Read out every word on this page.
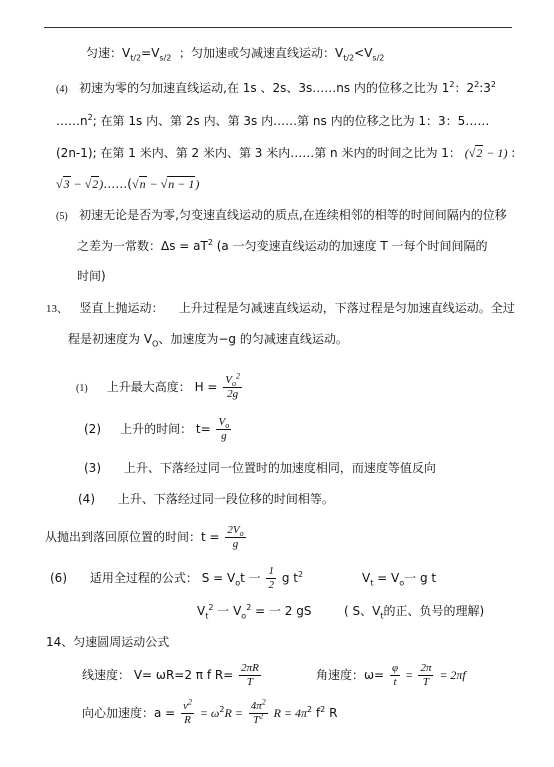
匀速：$V_{t/2}=V_{s/2}$ ；匀加速或匀减速直线运动：$V_{t/2}<V_{s/2}$
(4) 初速为零的匀加速直线运动,在 1s 、2s、3s……ns 内的位移之比为 $1^2$：$2^2:3^2$
$\dots\dots n^2$; 在第 1s 内、第 2s 内、第 3s 内……第 ns 内的位移之比为 1：3：5……
(2n-1); 在第 1 米内、第 2 米内、第 3 米内……第 n 米内的时间之比为 1： (√2 − 1) :
√3 − √2)……(√n − √n − 1)
(5) 初速无论是否为零,匀变速直线运动的质点,在连续相邻的相等的时间间隔内的位移
之差为一常数：$\Delta s = aT^2$ (a 一匀变速直线运动的加速度 T 一每个时间间隔的
时间)
13、 竖直上抛运动： 上升过程是匀减速直线运动，下落过程是匀加速直线运动。全过
程是初速度为 $V_O$、加速度为−g 的匀减速直线运动。
(1) 上升最大高度： $H = \frac{V_o^2}{2g}$
(2) 上升的时间： $t= \frac{V_o}{g}$
(3) 上升、下落经过同一位置时的加速度相同，而速度等值反向
(4) 上升、下落经过同一段位移的时间相等。
从抛出到落回原位置的时间：$t = \frac{2V_o}{g}$
(6) 适用全过程的公式： $S = V_ot$ 一 $\frac{1}{2}$ g $t^2$	$V_t = V_o$一 g t
$V_t^2$ 一 $V_o^2$ = 一 2 gS	( S、$V_t$的正、负号的理解)
14、匀速圆周运动公式
线速度： V= ωR=2 π f $R= \frac{2\pi R}{T}$	角速度：$\omega= \frac{\varphi}{t} = \frac{2\pi}{T} = 2\pi f$
向心加速度：$a = \frac{v^2}{R} = \omega^2R = \frac{4\pi^2}{T^2}$ $R = 4\pi^2$ $f^2$ R
